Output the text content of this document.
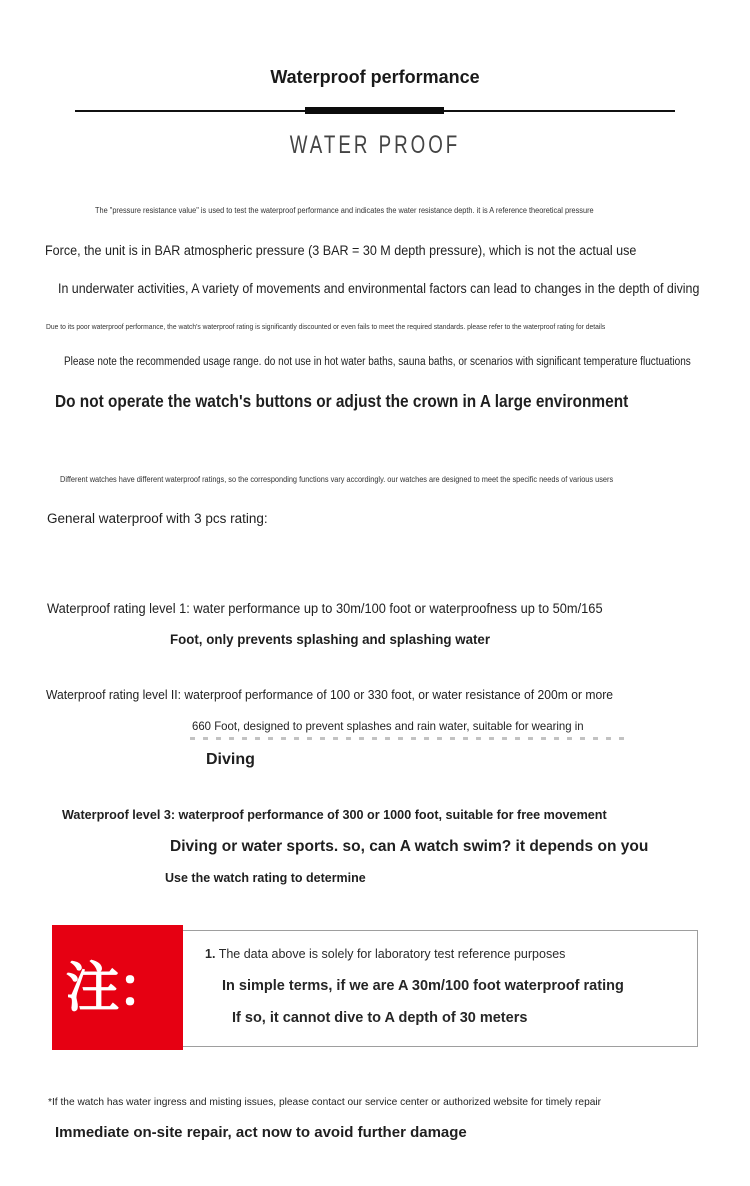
Waterproof performance
WATER PROOF
The "pressure resistance value" is used to test the waterproof performance and indicates the water resistance depth. it is A reference theoretical pressure
Force, the unit is in BAR atmospheric pressure (3 BAR = 30 M depth pressure), which is not the actual use
In underwater activities, A variety of movements and environmental factors can lead to changes in the depth of diving
Due to its poor waterproof performance, the watch's waterproof rating is significantly discounted or even fails to meet the required standards. please refer to the waterproof rating for details
Please note the recommended usage range. do not use in hot water baths, sauna baths, or scenarios with significant temperature fluctuations
Do not operate the watch's buttons or adjust the crown in A large environment
Different watches have different waterproof ratings, so the corresponding functions vary accordingly. our watches are designed to meet the specific needs of various users
General waterproof with 3 pcs rating:
Waterproof rating level 1: water performance up to 30m/100 foot or waterproofness up to 50m/165
Foot, only prevents splashing and splashing water
Waterproof rating level II: waterproof performance of 100 or 330 foot, or water resistance of 200m or more
660 Foot, designed to prevent splashes and rain water, suitable for wearing in
Diving
Waterproof level 3: waterproof performance of 300 or 1000 foot, suitable for free movement
Diving or water sports. so, can A watch swim? it depends on you
Use the watch rating to determine
注：
1. The data above is solely for laboratory test reference purposes
In simple terms, if we are A 30m/100 foot waterproof rating
If so, it cannot dive to A depth of 30 meters
*If the watch has water ingress and misting issues, please contact our service center or authorized website for timely repair
Immediate on-site repair, act now to avoid further damage
